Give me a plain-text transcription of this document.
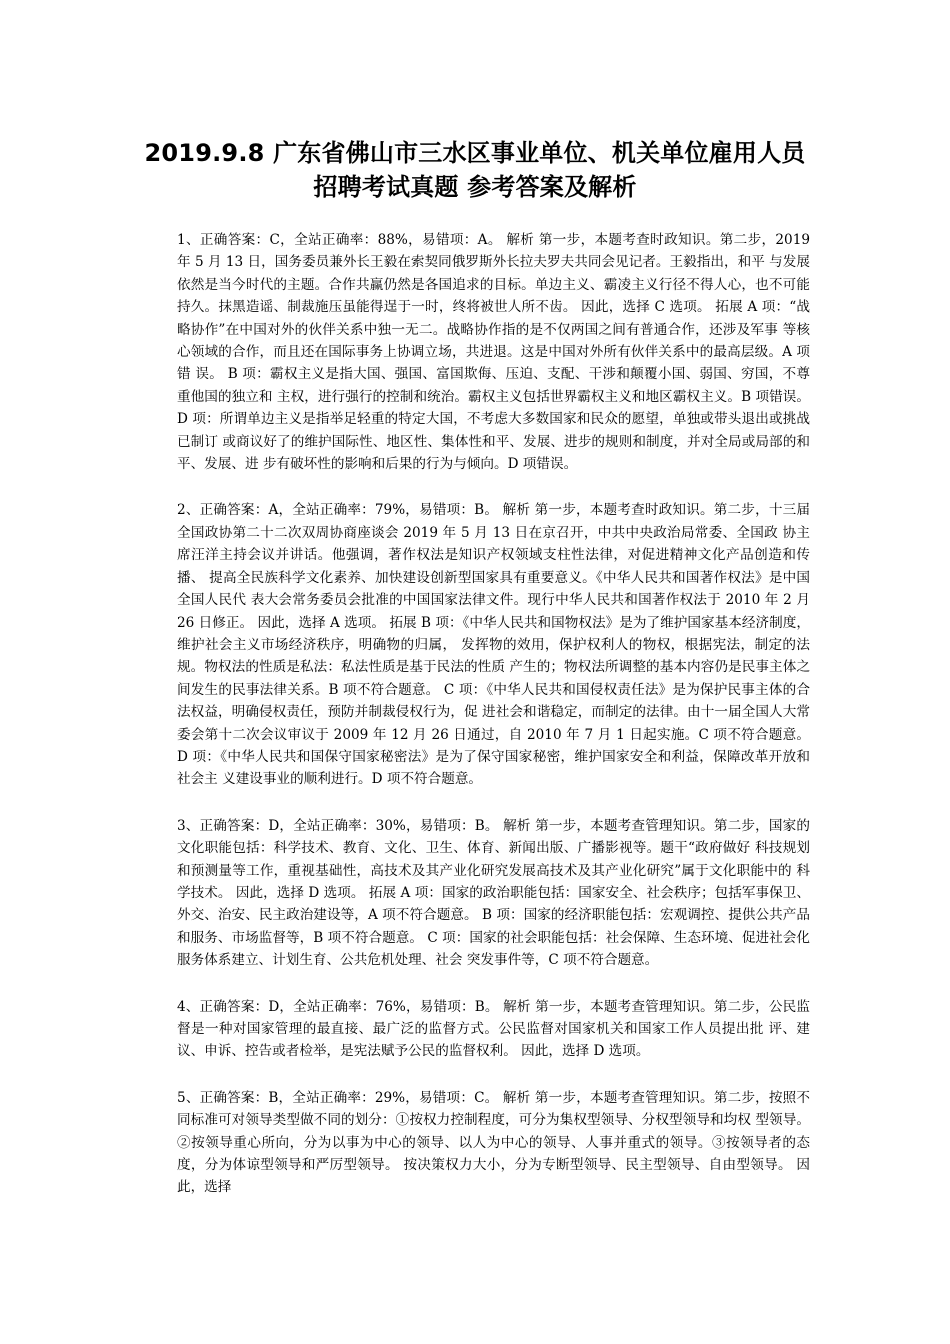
2019.9.8 广东省佛山市三水区事业单位、机关单位雇用人员
招聘考试真题 参考答案及解析

1、正确答案：C，全站正确率：88%，易错项：A。 解析 第一步，本题考查时政知识。第二步，2019 年 5 月 13 日，国务委员兼外长王毅在索契同俄罗斯外长拉夫罗夫共同会见记者。王毅指出，和平 与发展依然是当今时代的主题。合作共赢仍然是各国追求的目标。单边主义、霸凌主义行径不得人心，也不可能 持久。抹黑造谣、制裁施压虽能得逞于一时，终将被世人所不齿。 因此，选择 C 选项。 拓展 A 项：“战略协作”在中国对外的伙伴关系中独一无二。战略协作指的是不仅两国之间有普通合作，还涉及军事 等核心领域的合作，而且还在国际事务上协调立场，共进退。这是中国对外所有伙伴关系中的最高层级。A 项错 误。 B 项：霸权主义是指大国、强国、富国欺侮、压迫、支配、干涉和颠覆小国、弱国、穷国，不尊重他国的独立和 主权，进行强行的控制和统治。霸权主义包括世界霸权主义和地区霸权主义。B 项错误。 D 项：所谓单边主义是指举足轻重的特定大国，不考虑大多数国家和民众的愿望，单独或带头退出或挑战已制订 或商议好了的维护国际性、地区性、集体性和平、发展、进步的规则和制度，并对全局或局部的和平、发展、进 步有破坏性的影响和后果的行为与倾向。D 项错误。

2、正确答案：A，全站正确率：79%，易错项：B。 解析 第一步，本题考查时政知识。第二步，十三届全国政协第二十二次双周协商座谈会 2019 年 5 月 13 日在京召开，中共中央政治局常委、全国政 协主席汪洋主持会议并讲话。他强调，著作权法是知识产权领域支柱性法律，对促进精神文化产品创造和传播、 提高全民族科学文化素养、加快建设创新型国家具有重要意义。《中华人民共和国著作权法》是中国全国人民代 表大会常务委员会批准的中国国家法律文件。现行中华人民共和国著作权法于 2010 年 2 月 26 日修正。 因此，选择 A 选项。 拓展 B 项：《中华人民共和国物权法》是为了维护国家基本经济制度，维护社会主义市场经济秩序，明确物的归属， 发挥物的效用，保护权利人的物权，根据宪法，制定的法规。物权法的性质是私法：私法性质是基于民法的性质 产生的；物权法所调整的基本内容仍是民事主体之间发生的民事法律关系。B 项不符合题意。 C 项：《中华人民共和国侵权责任法》是为保护民事主体的合法权益，明确侵权责任，预防并制裁侵权行为，促 进社会和谐稳定，而制定的法律。由十一届全国人大常委会第十二次会议审议于 2009 年 12 月 26 日通过，自 2010 年 7 月 1 日起实施。C 项不符合题意。 D 项：《中华人民共和国保守国家秘密法》是为了保守国家秘密，维护国家安全和利益，保障改革开放和社会主 义建设事业的顺利进行。D 项不符合题意。

3、正确答案：D，全站正确率：30%，易错项：B。 解析 第一步，本题考查管理知识。第二步，国家的文化职能包括：科学技术、教育、文化、卫生、体育、新闻出版、广播影视等。题干“政府做好 科技规划和预测量等工作，重视基础性，高技术及其产业化研究发展高技术及其产业化研究”属于文化职能中的 科学技术。 因此，选择 D 选项。 拓展 A 项：国家的政治职能包括：国家安全、社会秩序；包括军事保卫、外交、治安、民主政治建设等，A 项不符合题意。 B 项：国家的经济职能包括：宏观调控、提供公共产品和服务、市场监督等，B 项不符合题意。 C 项：国家的社会职能包括：社会保障、生态环境、促进社会化服务体系建立、计划生育、公共危机处理、社会 突发事件等，C 项不符合题意。

4、正确答案：D，全站正确率：76%，易错项：B。 解析 第一步，本题考查管理知识。第二步，公民监督是一种对国家管理的最直接、最广泛的监督方式。公民监督对国家机关和国家工作人员提出批 评、建议、申诉、控告或者检举，是宪法赋予公民的监督权利。 因此，选择 D 选项。

5、正确答案：B，全站正确率：29%，易错项：C。 解析 第一步，本题考查管理知识。第二步，按照不同标准可对领导类型做不同的划分：①按权力控制程度，可分为集权型领导、分权型领导和均权 型领导。②按领导重心所向，分为以事为中心的领导、以人为中心的领导、人事并重式的领导。③按领导者的态 度，分为体谅型领导和严厉型领导。 按决策权力大小，分为专断型领导、民主型领导、自由型领导。 因此，选择
